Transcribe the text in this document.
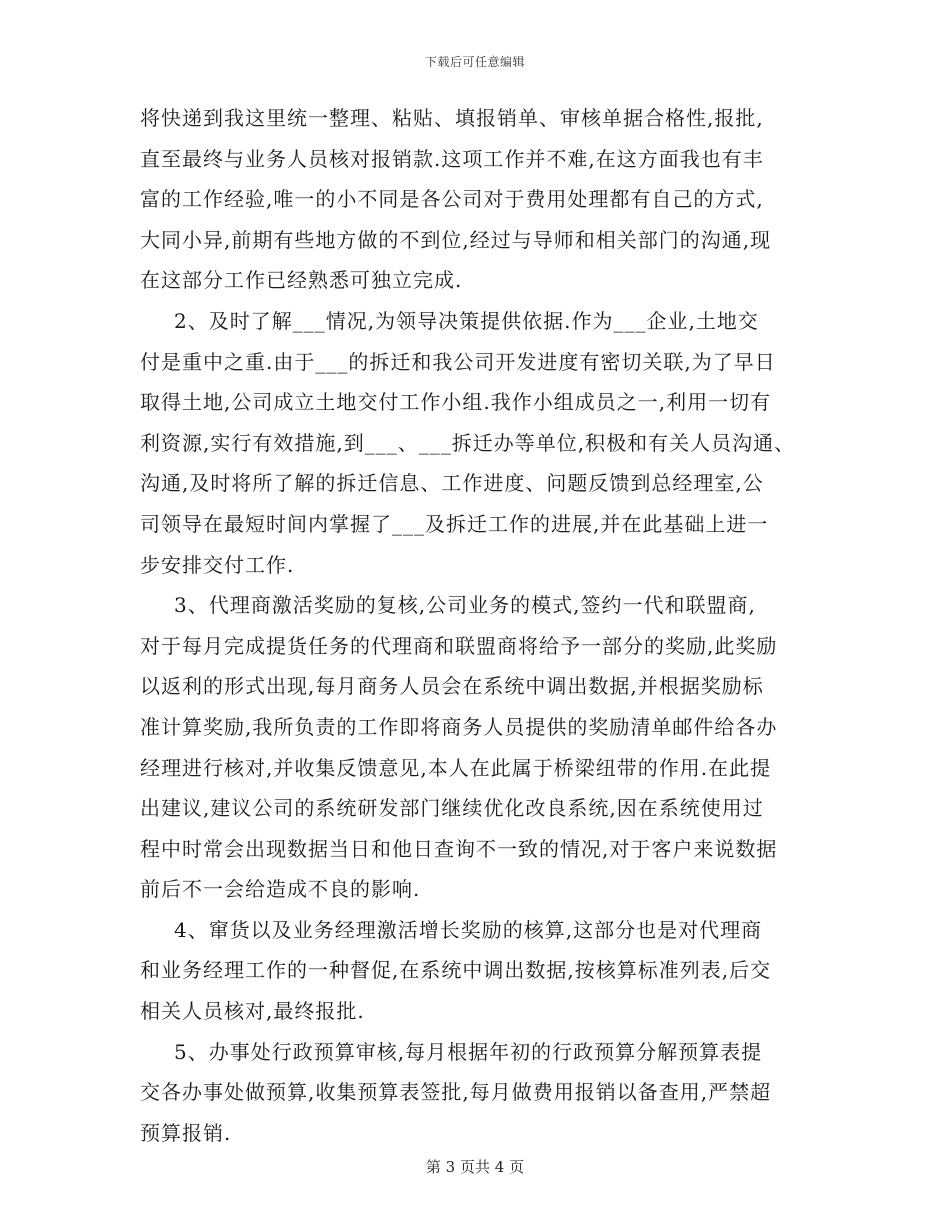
下载后可任意编辑
将快递到我这里统一整理、粘贴、填报销单、审核单据合格性,报批,
直至最终与业务人员核对报销款.这项工作并不难,在这方面我也有丰
富的工作经验,唯一的小不同是各公司对于费用处理都有自己的方式,
大同小异,前期有些地方做的不到位,经过与导师和相关部门的沟通,现
在这部分工作已经熟悉可独立完成.
2、及时了解___情况,为领导决策提供依据.作为___企业,土地交
付是重中之重.由于___的拆迁和我公司开发进度有密切关联,为了早日
取得土地,公司成立土地交付工作小组.我作小组成员之一,利用一切有
利资源,实行有效措施,到___、___拆迁办等单位,积极和有关人员沟通、
沟通,及时将所了解的拆迁信息、工作进度、问题反馈到总经理室,公
司领导在最短时间内掌握了___及拆迁工作的进展,并在此基础上进一
步安排交付工作.
3、代理商激活奖励的复核,公司业务的模式,签约一代和联盟商,
对于每月完成提货任务的代理商和联盟商将给予一部分的奖励,此奖励
以返利的形式出现,每月商务人员会在系统中调出数据,并根据奖励标
准计算奖励,我所负责的工作即将商务人员提供的奖励清单邮件给各办
经理进行核对,并收集反馈意见,本人在此属于桥梁纽带的作用.在此提
出建议,建议公司的系统研发部门继续优化改良系统,因在系统使用过
程中时常会出现数据当日和他日查询不一致的情况,对于客户来说数据
前后不一会给造成不良的影响.
4、窜货以及业务经理激活增长奖励的核算,这部分也是对代理商
和业务经理工作的一种督促,在系统中调出数据,按核算标准列表,后交
相关人员核对,最终报批.
5、办事处行政预算审核,每月根据年初的行政预算分解预算表提
交各办事处做预算,收集预算表签批,每月做费用报销以备查用,严禁超
预算报销.
第 3 页共 4 页
